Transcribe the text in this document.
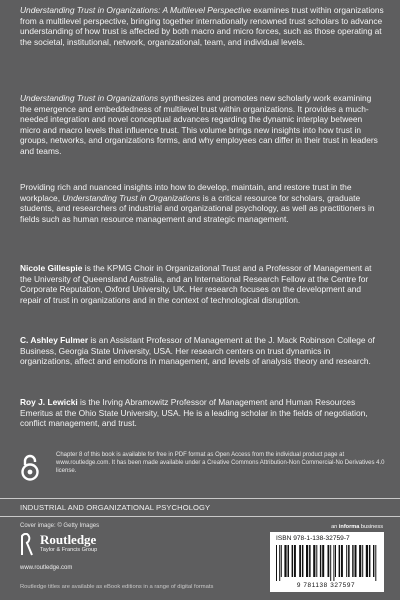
Understanding Trust in Organizations: A Multilevel Perspective examines trust within organizations from a multilevel perspective, bringing together internationally renowned trust scholars to advance understanding of how trust is affected by both macro and micro forces, such as those operating at the societal, institutional, network, organizational, team, and individual levels.
Understanding Trust in Organizations synthesizes and promotes new scholarly work examining the emergence and embeddedness of multilevel trust within organizations. It provides a much-needed integration and novel conceptual advances regarding the dynamic interplay between micro and macro levels that influence trust. This volume brings new insights into how trust in groups, networks, and organizations forms, and why employees can differ in their trust in leaders and teams.
Providing rich and nuanced insights into how to develop, maintain, and restore trust in the workplace, Understanding Trust in Organizations is a critical resource for scholars, graduate students, and researchers of industrial and organizational psychology, as well as practitioners in fields such as human resource management and strategic management.
Nicole Gillespie is the KPMG Choir in Organizational Trust and a Professor of Management at the University of Queensland Australia, and an International Research Fellow at the Centre for Corporate Reputation, Oxford University, UK. Her research focuses on the development and repair of trust in organizations and in the context of technological disruption.
C. Ashley Fulmer is an Assistant Professor of Management at the J. Mack Robinson College of Business, Georgia State University, USA. Her research centers on trust dynamics in organizations, affect and emotions in management, and levels of analysis theory and research.
Roy J. Lewicki is the Irving Abramowitz Professor of Management and Human Resources Emeritus at the Ohio State University, USA. He is a leading scholar in the fields of negotiation, conflict management, and trust.
Chapter 8 of this book is available for free in PDF format as Open Access from the individual product page at www.routledge.com. It has been made available under a Creative Commons Attribution-Non Commercial-No Derivatives 4.0 license.
INDUSTRIAL AND ORGANIZATIONAL PSYCHOLOGY
Cover image: © Getty Images	an informa business
Routledge
Taylor & Francis Group
www.routledge.com
Routledge titles are available as eBook editions in a range of digital formats
ISBN 978-1-138-32759-7
9 781138 327597
